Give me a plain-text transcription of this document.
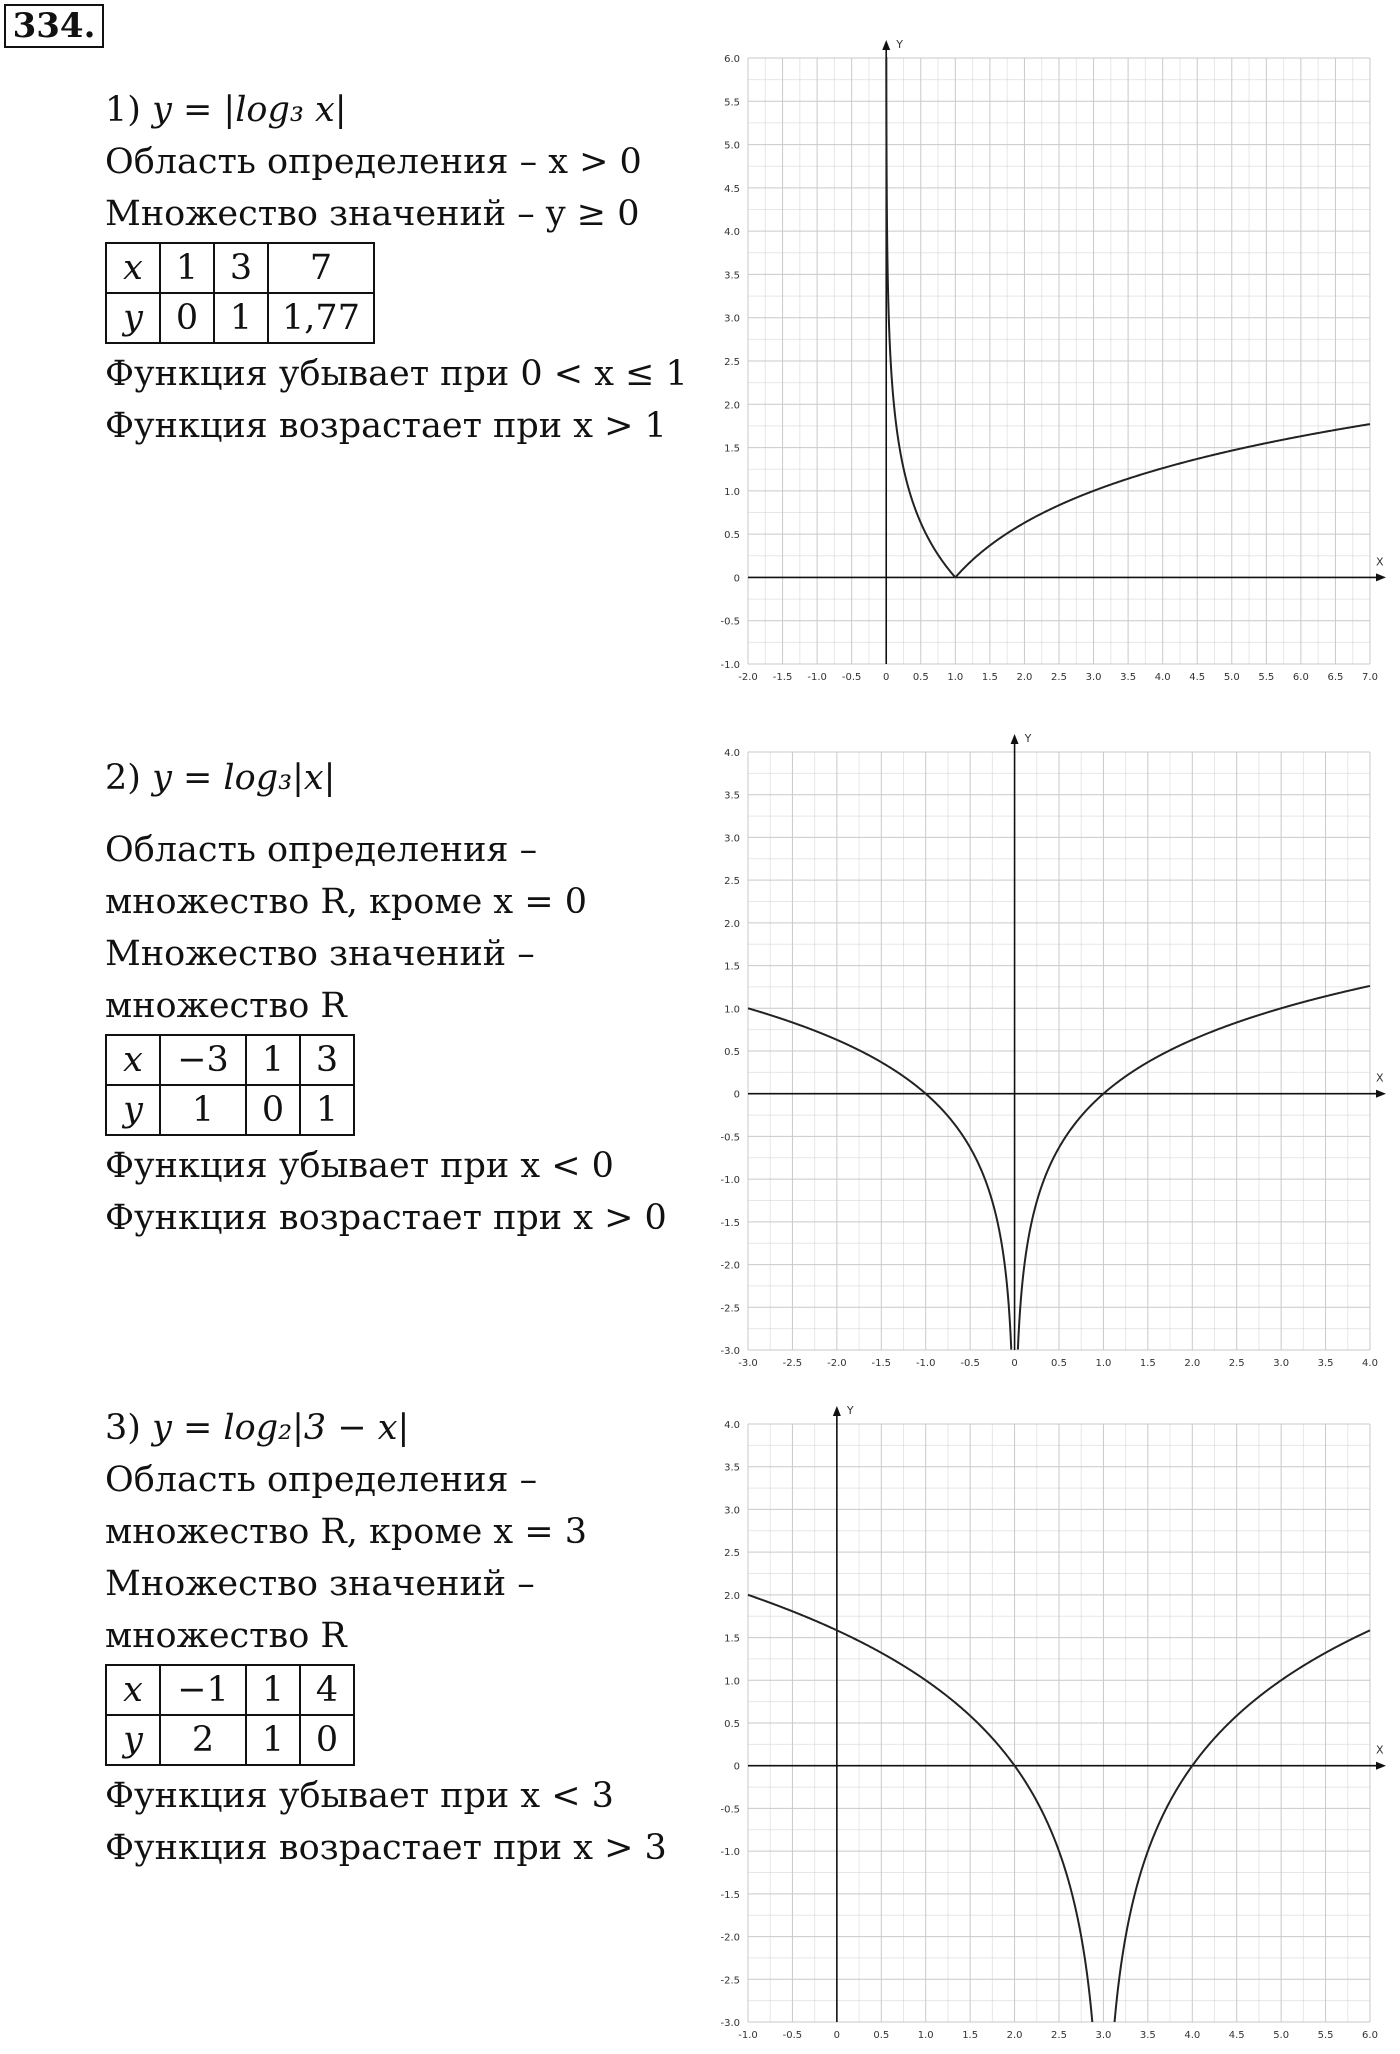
334.
1) y = |log₃ x|
Область определения – x > 0
Множество значений – y ≥ 0
x	1	3	7
y	0	1	1,77
Функция убывает при 0 < x ≤ 1
Функция возрастает при x > 1
2) y = log₃|x|
Область определения –
множество R, кроме x = 0
Множество значений –
множество R
x	−3	1	3
y	1	0	1
Функция убывает при x < 0
Функция возрастает при x > 0
3) y = log₂|3 − x|
Область определения –
множество R, кроме x = 3
Множество значений –
множество R
x	−1	1	4
y	2	1	0
Функция убывает при x < 3
Функция возрастает при x > 3
X
Y
-2.0 -1.5 -1.0 -0.5 0 0.5 1.0 1.5 2.0 2.5 3.0 3.5 4.0 4.5 5.0 5.5 6.0 6.5 7.0
-1.0
-0.5
0
0.5
1.0
1.5
2.0
2.5
3.0
3.5
4.0
4.5
5.0
5.5
6.0
X
Y
-3.0 -2.5 -2.0 -1.5 -1.0 -0.5	0	0.5	1.0	1.5	2.0	2.5	3.0	3.5	4.0
-3.0
-2.5
-2.0
-1.5
-1.0
-0.5
0
0.5
1.0
1.5
2.0
2.5
3.0
3.5
4.0
X
Y
-1.0 -0.5	0	0.5	1.0	1.5	2.0	2.5	3.0	3.5	4.0	4.5	5.0	5.5	6.0
-3.0
-2.5
-2.0
-1.5
-1.0
-0.5
0
0.5
1.0
1.5
2.0
2.5
3.0
3.5
4.0
